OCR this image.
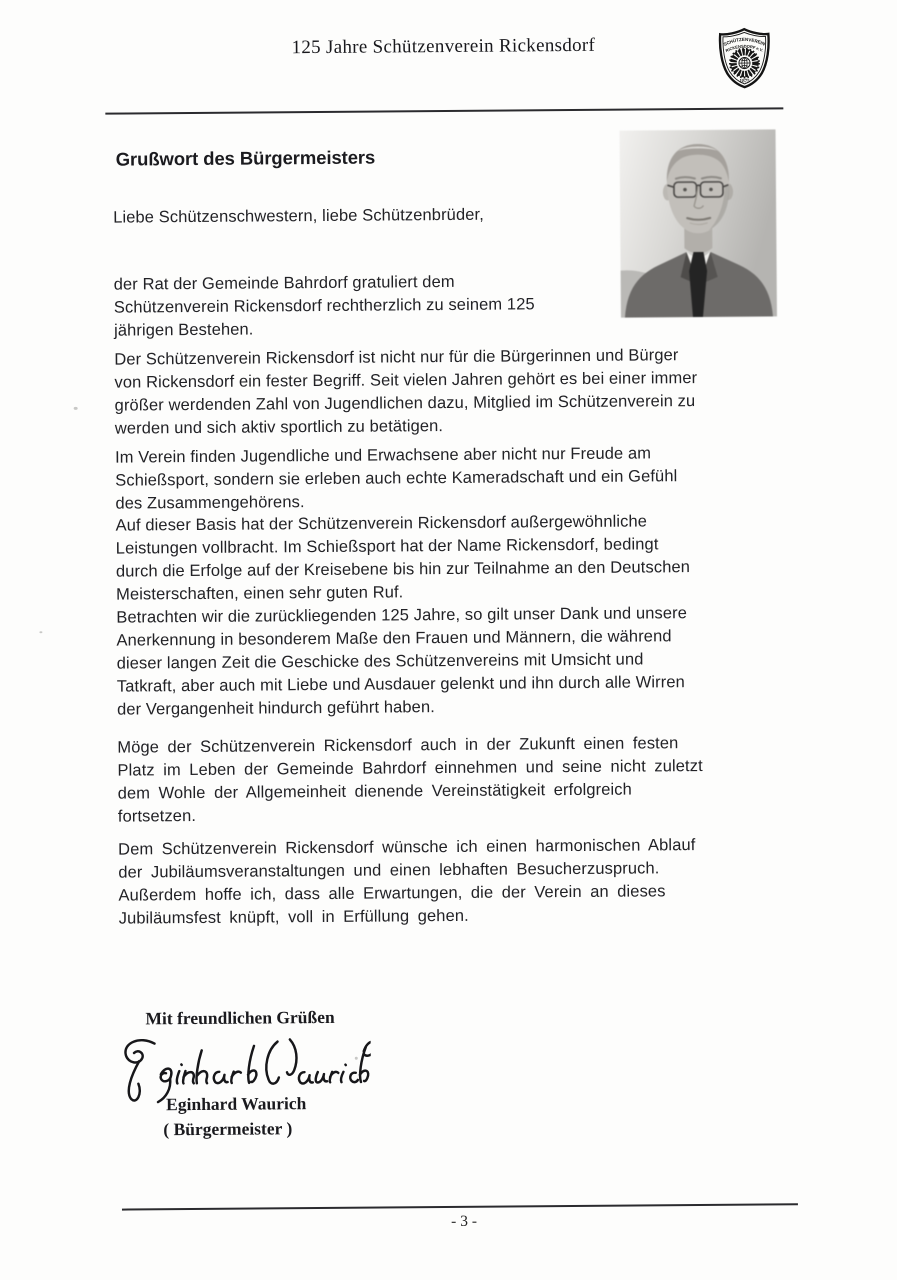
125 Jahre Schützenverein Rickensdorf	SCHÜTZENVEREIN
RICKENSDORF e.V.
1875
Grußwort des Bürgermeisters
Liebe Schützenschwestern, liebe Schützenbrüder,
der Rat der Gemeinde Bahrdorf gratuliert dem
Schützenverein Rickensdorf rechtherzlich zu seinem 125
jährigen Bestehen.
Der Schützenverein Rickensdorf ist nicht nur für die Bürgerinnen und Bürger
von Rickensdorf ein fester Begriff. Seit vielen Jahren gehört es bei einer immer
größer werdenden Zahl von Jugendlichen dazu, Mitglied im Schützenverein zu
werden und sich aktiv sportlich zu betätigen.
Im Verein finden Jugendliche und Erwachsene aber nicht nur Freude am
Schießsport, sondern sie erleben auch echte Kameradschaft und ein Gefühl
des Zusammengehörens.
Auf dieser Basis hat der Schützenverein Rickensdorf außergewöhnliche
Leistungen vollbracht. Im Schießsport hat der Name Rickensdorf, bedingt
durch die Erfolge auf der Kreisebene bis hin zur Teilnahme an den Deutschen
Meisterschaften, einen sehr guten Ruf.
Betrachten wir die zurückliegenden 125 Jahre, so gilt unser Dank und unsere
Anerkennung in besonderem Maße den Frauen und Männern, die während
dieser langen Zeit die Geschicke des Schützenvereins mit Umsicht und
Tatkraft, aber auch mit Liebe und Ausdauer gelenkt und ihn durch alle Wirren
der Vergangenheit hindurch geführt haben.
Möge der Schützenverein Rickensdorf auch in der Zukunft einen festen
Platz im Leben der Gemeinde Bahrdorf einnehmen und seine nicht zuletzt
dem Wohle der Allgemeinheit dienende Vereinstätigkeit erfolgreich
fortsetzen.
Dem Schützenverein Rickensdorf wünsche ich einen harmonischen Ablauf
der Jubiläumsveranstaltungen und einen lebhaften Besucherzuspruch.
Außerdem hoffe ich, dass alle Erwartungen, die der Verein an dieses
Jubiläumsfest knüpft, voll in Erfüllung gehen.
Mit freundlichen Grüßen
Eginhard Waurich
( Bürgermeister )
- 3 -
